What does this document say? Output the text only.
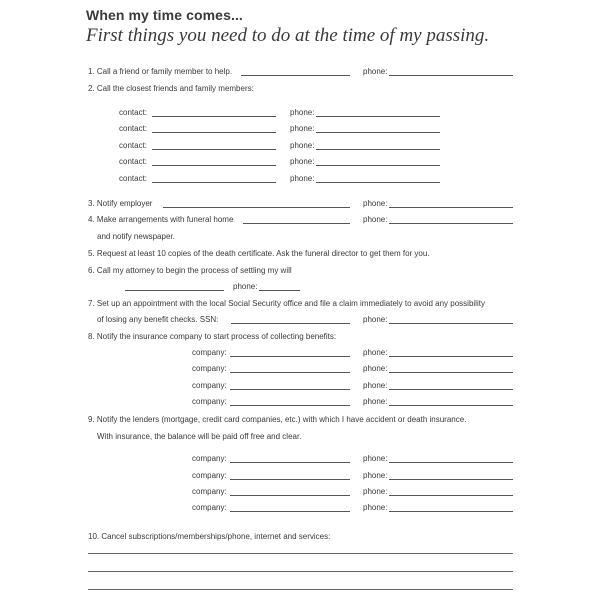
When my time comes...
First things you need to do at the time of my passing.
1. Call a friend or family member to help.	phone:
2. Call the closest friends and family members:
contact:	phone:
contact:	phone:
contact:	phone:
contact:	phone:
contact:	phone:
3. Notify employer	phone:
4. Make arrangements with funeral home	phone:
and notify newspaper.
5. Request at least 10 copies of the death certificate. Ask the funeral director to get them for you.
6. Call my attorney to begin the process of settling my will
phone:
7. Set up an appointment with the local Social Security office and file a claim immediately to avoid any possibility
of losing any benefit checks. SSN:	phone:
8. Notify the insurance company to start process of collecting benefits:
company:	phone:
company:	phone:
company:	phone:
company:	phone:
9. Notify the lenders (mortgage, credit card companies, etc.) with which I have accident or death insurance.
With insurance, the balance will be paid off free and clear.
company:	phone:
company:	phone:
company:	phone:
company:	phone:
10. Cancel subscriptions/memberships/phone, internet and services:
